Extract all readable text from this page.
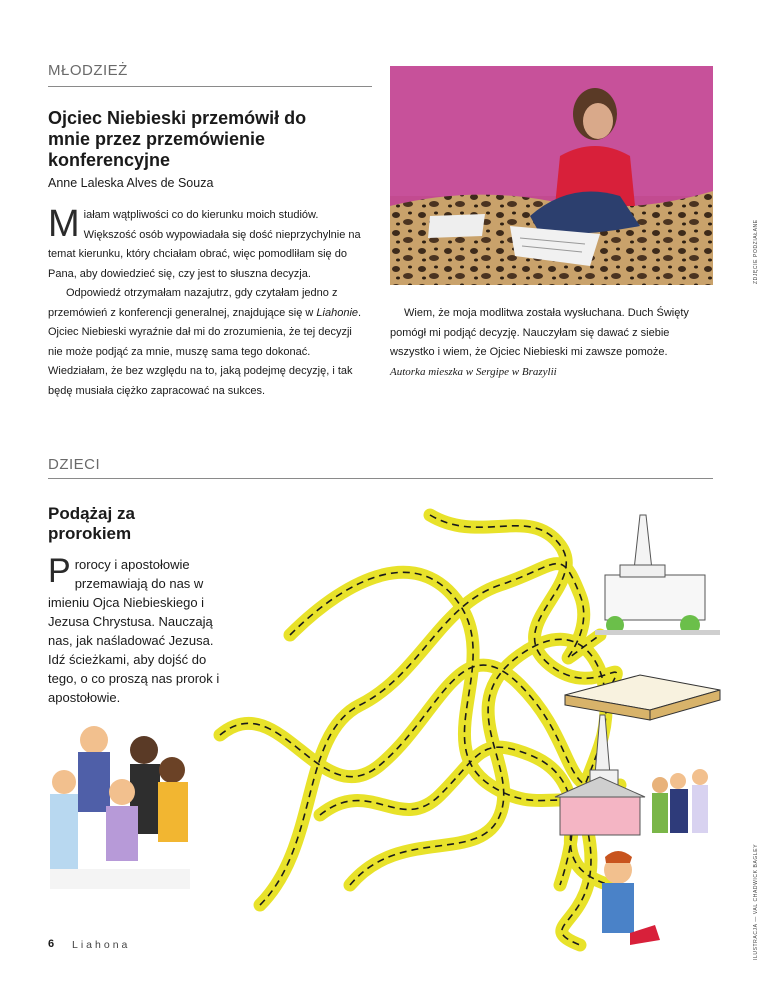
MŁODZIEŻ
Ojciec Niebieski przemówił do mnie przez przemówienie konferencyjne
Anne Laleska Alves de Souza
M iałam wątpliwości co do kierunku moich studiów. Większość osób wypowiadała się dość nieprzychylnie na temat kierunku, który chciałam obrać, więc pomodliłam się do Pana, aby dowiedzieć się, czy jest to słuszna decyzja.

Odpowiedź otrzymałam nazajutrz, gdy czytałam jedno z przemówień z konferencji generalnej, znajdujące się w Liahonie. Ojciec Niebieski wyraźnie dał mi do zrozumienia, że tej decyzji nie może podjąć za mnie, muszę sama tego dokonać. Wiedziałam, że bez względu na to, jaką podejmę decyzję, i tak będę musiała ciężko zapracować na sukces.

ZDJĘCIE PODZIAŁANE

Wiem, że moja modlitwa została wysłuchana. Duch Święty pomógł mi podjąć decyzję. Nauczyłam się dawać z siebie wszystko i wiem, że Ojciec Niebieski mi zawsze pomoże.

Autorka mieszka w Sergipe w Brazylii

DZIECI
Podążaj za prorokiem
Prorocy i apostołowie przemawiają do nas w imieniu Ojca Niebieskiego i Jezusa Chrystusa. Nauczają nas, jak naśladować Jezusa. Idź ścieżkami, aby dojść do tego, o co proszą nas prorok i apostołowie.
ILUSTRACJA — VAL CHADWICK BAGLEY
6 Liahona
